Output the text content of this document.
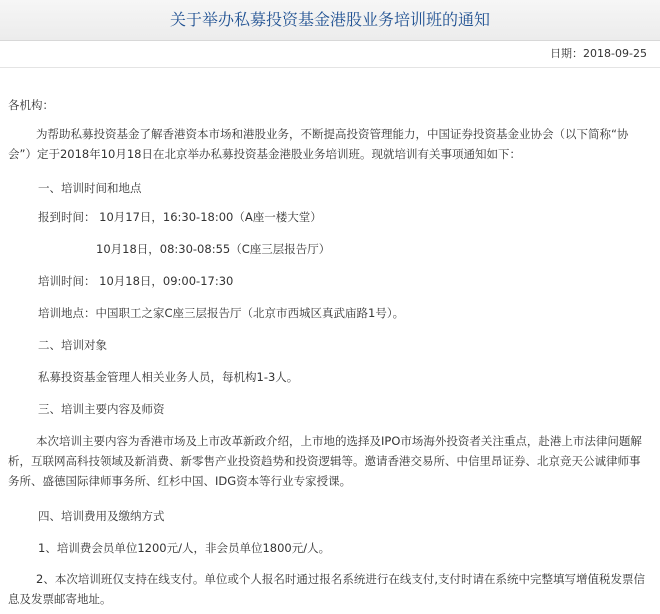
关于举办私募投资基金港股业务培训班的通知
日期：2018-09-25

各机构：

为帮助私募投资基金了解香港资本市场和港股业务，不断提高投资管理能力，中国证券投资基金业协会（以下简称“协会”）定于2018年10月18日在北京举办私募投资基金港股业务培训班。现就培训有关事项通知如下：

一、培训时间和地点

报到时间： 10月17日，16:30-18:00（A座一楼大堂）

10月18日，08:30-08:55（C座三层报告厅）

培训时间： 10月18日，09:00-17:30

培训地点：中国职工之家C座三层报告厅（北京市西城区真武庙路1号）。

二、培训对象

私募投资基金管理人相关业务人员，每机构1-3人。

三、培训主要内容及师资

本次培训主要内容为香港市场及上市改革新政介绍，上市地的选择及IPO市场海外投资者关注重点，赴港上市法律问题解析，互联网高科技领域及新消费、新零售产业投资趋势和投资逻辑等。邀请香港交易所、中信里昂证券、北京竞天公诚律师事务所、盛德国际律师事务所、红杉中国、IDG资本等行业专家授课。

四、培训费用及缴纳方式

1、培训费会员单位1200元/人，非会员单位1800元/人。

2、本次培训班仅支持在线支付。单位或个人报名时通过报名系统进行在线支付,支付时请在系统中完整填写增值税发票信息及发票邮寄地址。
